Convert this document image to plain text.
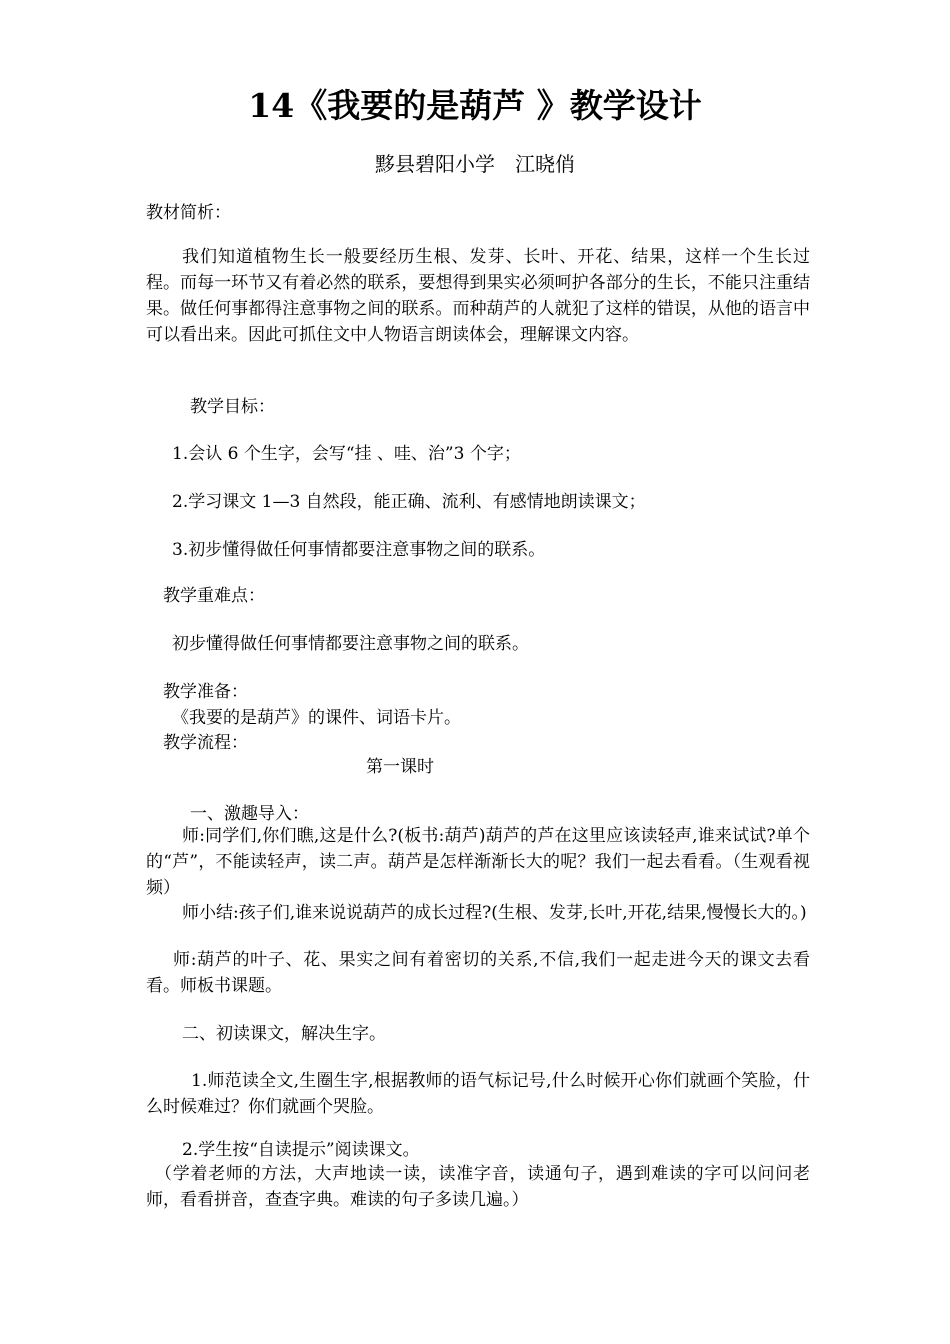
14《我要的是葫芦 》教学设计
黟县碧阳小学　江晓俏
教材简析：
我们知道植物生长一般要经历生根、发芽、长叶、开花、结果，这样一个生长过程。而每一环节又有着必然的联系，要想得到果实必须呵护各部分的生长，不能只注重结果。做任何事都得注意事物之间的联系。而种葫芦的人就犯了这样的错误，从他的语言中可以看出来。因此可抓住文中人物语言朗读体会，理解课文内容。
教学目标：
1.会认 6 个生字，会写“挂 、哇、治”3 个字；
2.学习课文 1—3 自然段，能正确、流利、有感情地朗读课文；
3.初步懂得做任何事情都要注意事物之间的联系。
教学重难点：
初步懂得做任何事情都要注意事物之间的联系。
教学准备：
《我要的是葫芦》的课件、词语卡片。
教学流程：
第一课时
一、激趣导入：
师:同学们,你们瞧,这是什么?(板书:葫芦)葫芦的芦在这里应该读轻声,谁来试试?单个的“芦”，不能读轻声，读二声。葫芦是怎样渐渐长大的呢？我们一起去看看。（生观看视频）
师小结:孩子们,谁来说说葫芦的成长过程?(生根、发芽,长叶,开花,结果,慢慢长大的。)
师:葫芦的叶子、花、果实之间有着密切的关系,不信,我们一起走进今天的课文去看看。师板书课题。
二、初读课文，解决生字。
1.师范读全文,生圈生字,根据教师的语气标记号,什么时候开心你们就画个笑脸，什么时候难过？你们就画个哭脸。
2.学生按“自读提示”阅读课文。
（学着老师的方法，大声地读一读，读准字音，读通句子，遇到难读的字可以问问老师，看看拼音，查查字典。难读的句子多读几遍。）
